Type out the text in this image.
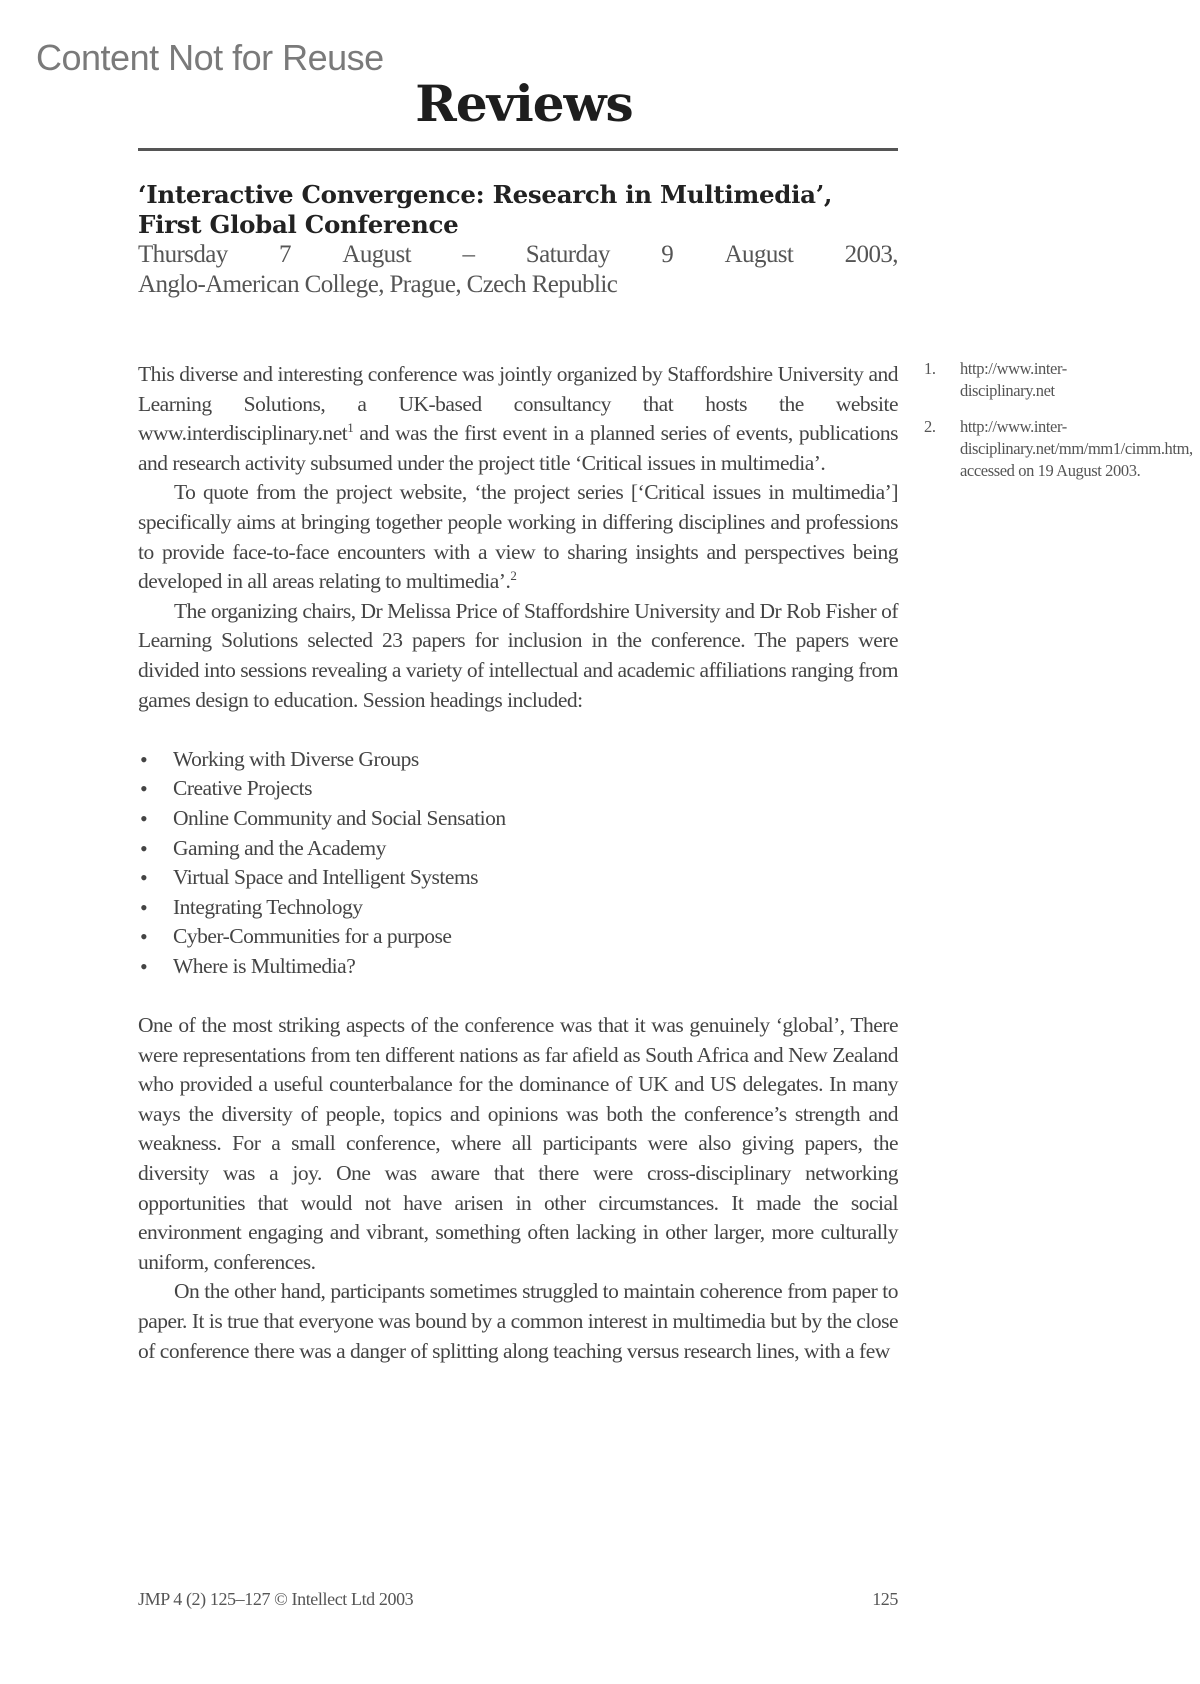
Content Not for Reuse
Reviews
‘Interactive Convergence: Research in Multimedia’,
First Global Conference
Thursday 7 August – Saturday 9 August 2003,
Anglo-American College, Prague, Czech Republic

This diverse and interesting conference was jointly organized by Staffordshire University and Learning Solutions, a UK-based consultancy that hosts the website www.interdisciplinary.net$^1$ and was the first event in a planned series of events, publications and research activity subsumed under the project title ‘Critical issues in multimedia’.

To quote from the project website, ‘the project series [‘Critical issues in multimedia’] specifically aims at bringing together people working in differing disciplines and professions to provide face-to-face encounters with a view to sharing insights and perspectives being developed in all areas relating to multimedia’.$^2$

The organizing chairs, Dr Melissa Price of Staffordshire University and Dr Rob Fisher of Learning Solutions selected 23 papers for inclusion in the conference. The papers were divided into sessions revealing a variety of intellectual and academic affiliations ranging from games design to education. Session headings included:

• Working with Diverse Groups
• Creative Projects
• Online Community and Social Sensation
• Gaming and the Academy
• Virtual Space and Intelligent Systems
• Integrating Technology
• Cyber-Communities for a purpose
• Where is Multimedia?

One of the most striking aspects of the conference was that it was genuinely ‘global’, There were representations from ten different nations as far afield as South Africa and New Zealand who provided a useful counterbalance for the dominance of UK and US delegates. In many ways the diversity of people, topics and opinions was both the conference’s strength and weakness. For a small conference, where all participants were also giving papers, the diversity was a joy. One was aware that there were cross-disciplinary networking opportunities that would not have arisen in other circumstances. It made the social environment engaging and vibrant, something often lacking in other larger, more culturally uniform, conferences.

On the other hand, participants sometimes struggled to maintain coherence from paper to paper. It is true that everyone was bound by a common interest in multimedia but by the close of conference there was a danger of splitting along teaching versus research lines, with a few

1.	http://www.inter-disciplinary.net
2.	http://www.inter-disciplinary.net/mm/mm1/cimm.htm, accessed on 19 August 2003.
JMP 4 (2) 125–127 © Intellect Ltd 2003	125
